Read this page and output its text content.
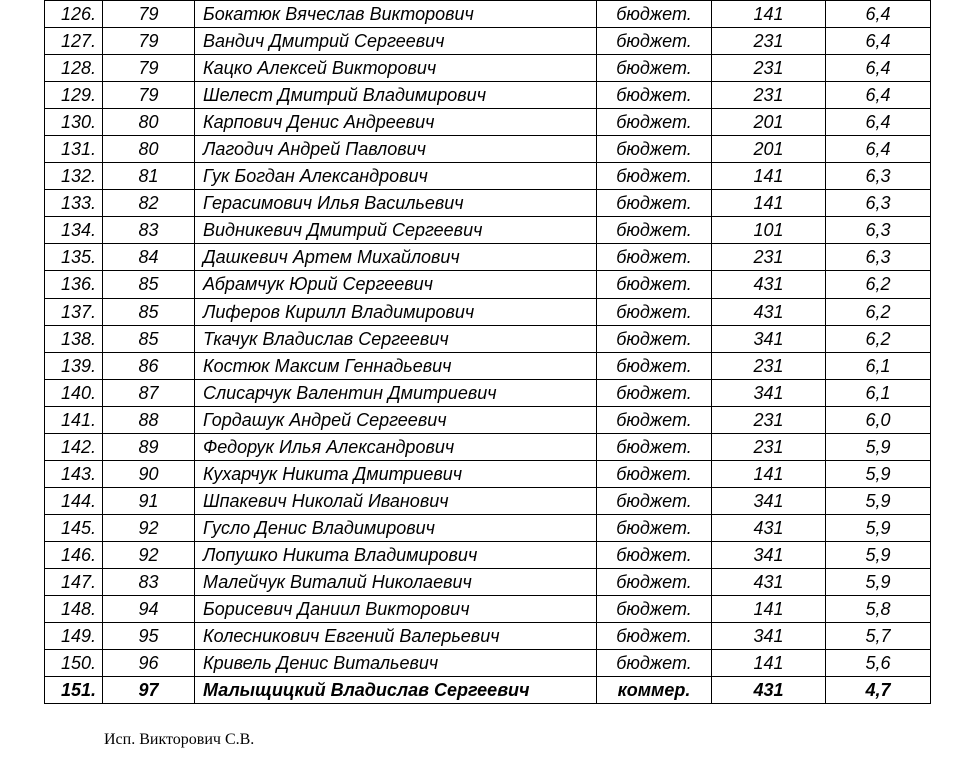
126.	79	Бокатюк Вячеслав Викторович	бюджет.	141	6,4
127.	79	Вандич Дмитрий Сергеевич	бюджет.	231	6,4
128.	79	Кацко Алексей Викторович	бюджет.	231	6,4
129.	79	Шелест Дмитрий Владимирович	бюджет.	231	6,4
130.	80	Карпович Денис Андреевич	бюджет.	201	6,4
131.	80	Лагодич Андрей Павлович	бюджет.	201	6,4
132.	81	Гук Богдан Александрович	бюджет.	141	6,3
133.	82	Герасимович Илья Васильевич	бюджет.	141	6,3
134.	83	Видникевич Дмитрий Сергеевич	бюджет.	101	6,3
135.	84	Дашкевич Артем Михайлович	бюджет.	231	6,3
136.	85	Абрамчук Юрий Сергеевич	бюджет.	431	6,2
137.	85	Лиферов Кирилл Владимирович	бюджет.	431	6,2
138.	85	Ткачук Владислав Сергеевич	бюджет.	341	6,2
139.	86	Костюк Максим Геннадьевич	бюджет.	231	6,1
140.	87	Слисарчук Валентин Дмитриевич	бюджет.	341	6,1
141.	88	Гордашук Андрей Сергеевич	бюджет.	231	6,0
142.	89	Федорук Илья Александрович	бюджет.	231	5,9
143.	90	Кухарчук Никита Дмитриевич	бюджет.	141	5,9
144.	91	Шпакевич Николай Иванович	бюджет.	341	5,9
145.	92	Гусло Денис Владимирович	бюджет.	431	5,9
146.	92	Лопушко Никита Владимирович	бюджет.	341	5,9
147.	83	Малейчук Виталий Николаевич	бюджет.	431	5,9
148.	94	Борисевич Даниил Викторович	бюджет.	141	5,8
149.	95	Колесникович Евгений Валерьевич	бюджет.	341	5,7
150.	96	Кривель Денис Витальевич	бюджет.	141	5,6
151.	97	Малыщицкий Владислав Сергеевич	коммер.	431	4,7
Исп. Викторович С.В.
